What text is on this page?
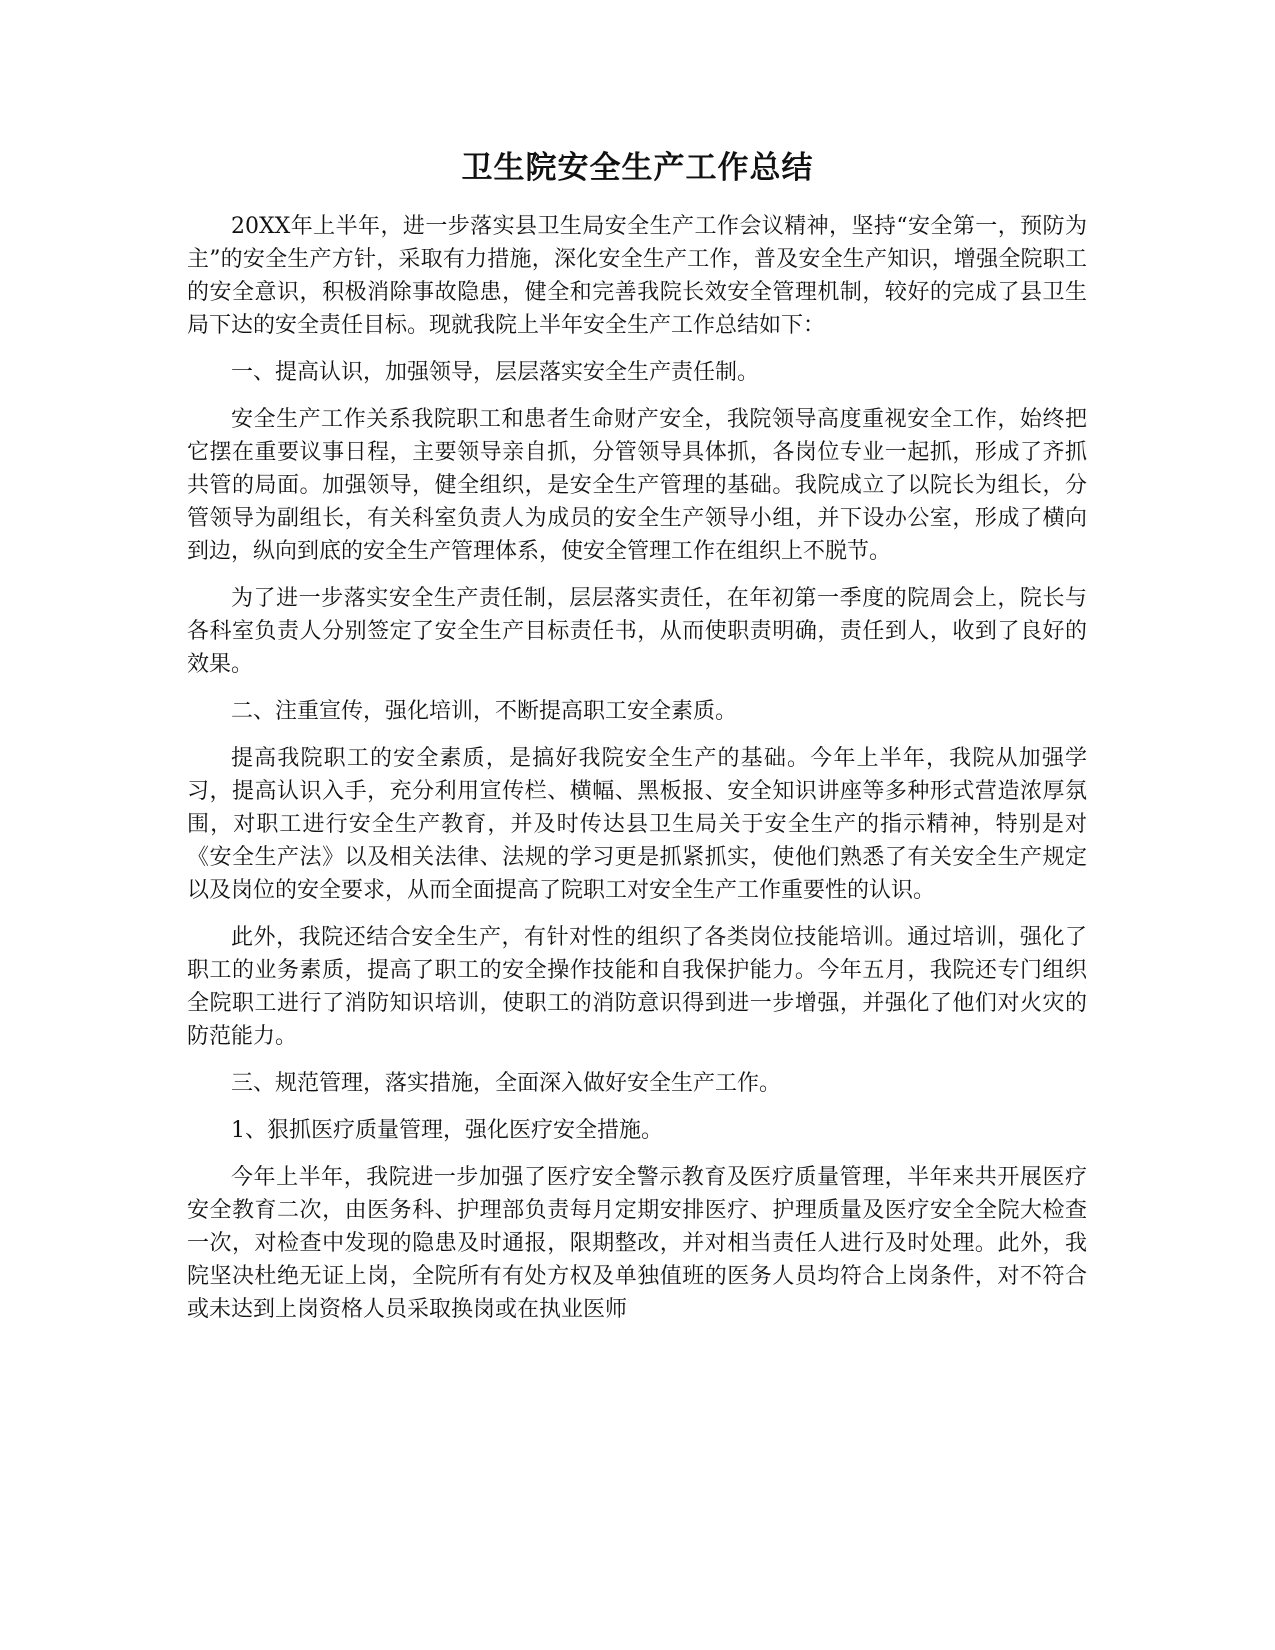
卫生院安全生产工作总结

20XX年上半年，进一步落实县卫生局安全生产工作会议精神，坚持“安全第一，预防为主”的安全生产方针，采取有力措施，深化安全生产工作，普及安全生产知识，增强全院职工的安全意识，积极消除事故隐患，健全和完善我院长效安全管理机制，较好的完成了县卫生局下达的安全责任目标。现就我院上半年安全生产工作总结如下：

一、提高认识，加强领导，层层落实安全生产责任制。

安全生产工作关系我院职工和患者生命财产安全，我院领导高度重视安全工作，始终把它摆在重要议事日程，主要领导亲自抓，分管领导具体抓，各岗位专业一起抓，形成了齐抓共管的局面。加强领导，健全组织，是安全生产管理的基础。我院成立了以院长为组长，分管领导为副组长，有关科室负责人为成员的安全生产领导小组，并下设办公室，形成了横向到边，纵向到底的安全生产管理体系，使安全管理工作在组织上不脱节。

为了进一步落实安全生产责任制，层层落实责任，在年初第一季度的院周会上，院长与各科室负责人分别签定了安全生产目标责任书，从而使职责明确，责任到人，收到了良好的效果。

二、注重宣传，强化培训，不断提高职工安全素质。

提高我院职工的安全素质，是搞好我院安全生产的基础。今年上半年，我院从加强学习，提高认识入手，充分利用宣传栏、横幅、黑板报、安全知识讲座等多种形式营造浓厚氛围，对职工进行安全生产教育，并及时传达县卫生局关于安全生产的指示精神，特别是对《安全生产法》以及相关法律、法规的学习更是抓紧抓实，使他们熟悉了有关安全生产规定以及岗位的安全要求，从而全面提高了院职工对安全生产工作重要性的认识。

此外，我院还结合安全生产，有针对性的组织了各类岗位技能培训。通过培训，强化了职工的业务素质，提高了职工的安全操作技能和自我保护能力。今年五月，我院还专门组织全院职工进行了消防知识培训，使职工的消防意识得到进一步增强，并强化了他们对火灾的防范能力。

三、规范管理，落实措施，全面深入做好安全生产工作。

1、狠抓医疗质量管理，强化医疗安全措施。

今年上半年，我院进一步加强了医疗安全警示教育及医疗质量管理，半年来共开展医疗安全教育二次，由医务科、护理部负责每月定期安排医疗、护理质量及医疗安全全院大检查一次，对检查中发现的隐患及时通报，限期整改，并对相当责任人进行及时处理。此外，我院坚决杜绝无证上岗，全院所有有处方权及单独值班的医务人员均符合上岗条件，对不符合或未达到上岗资格人员采取换岗或在执业医师
